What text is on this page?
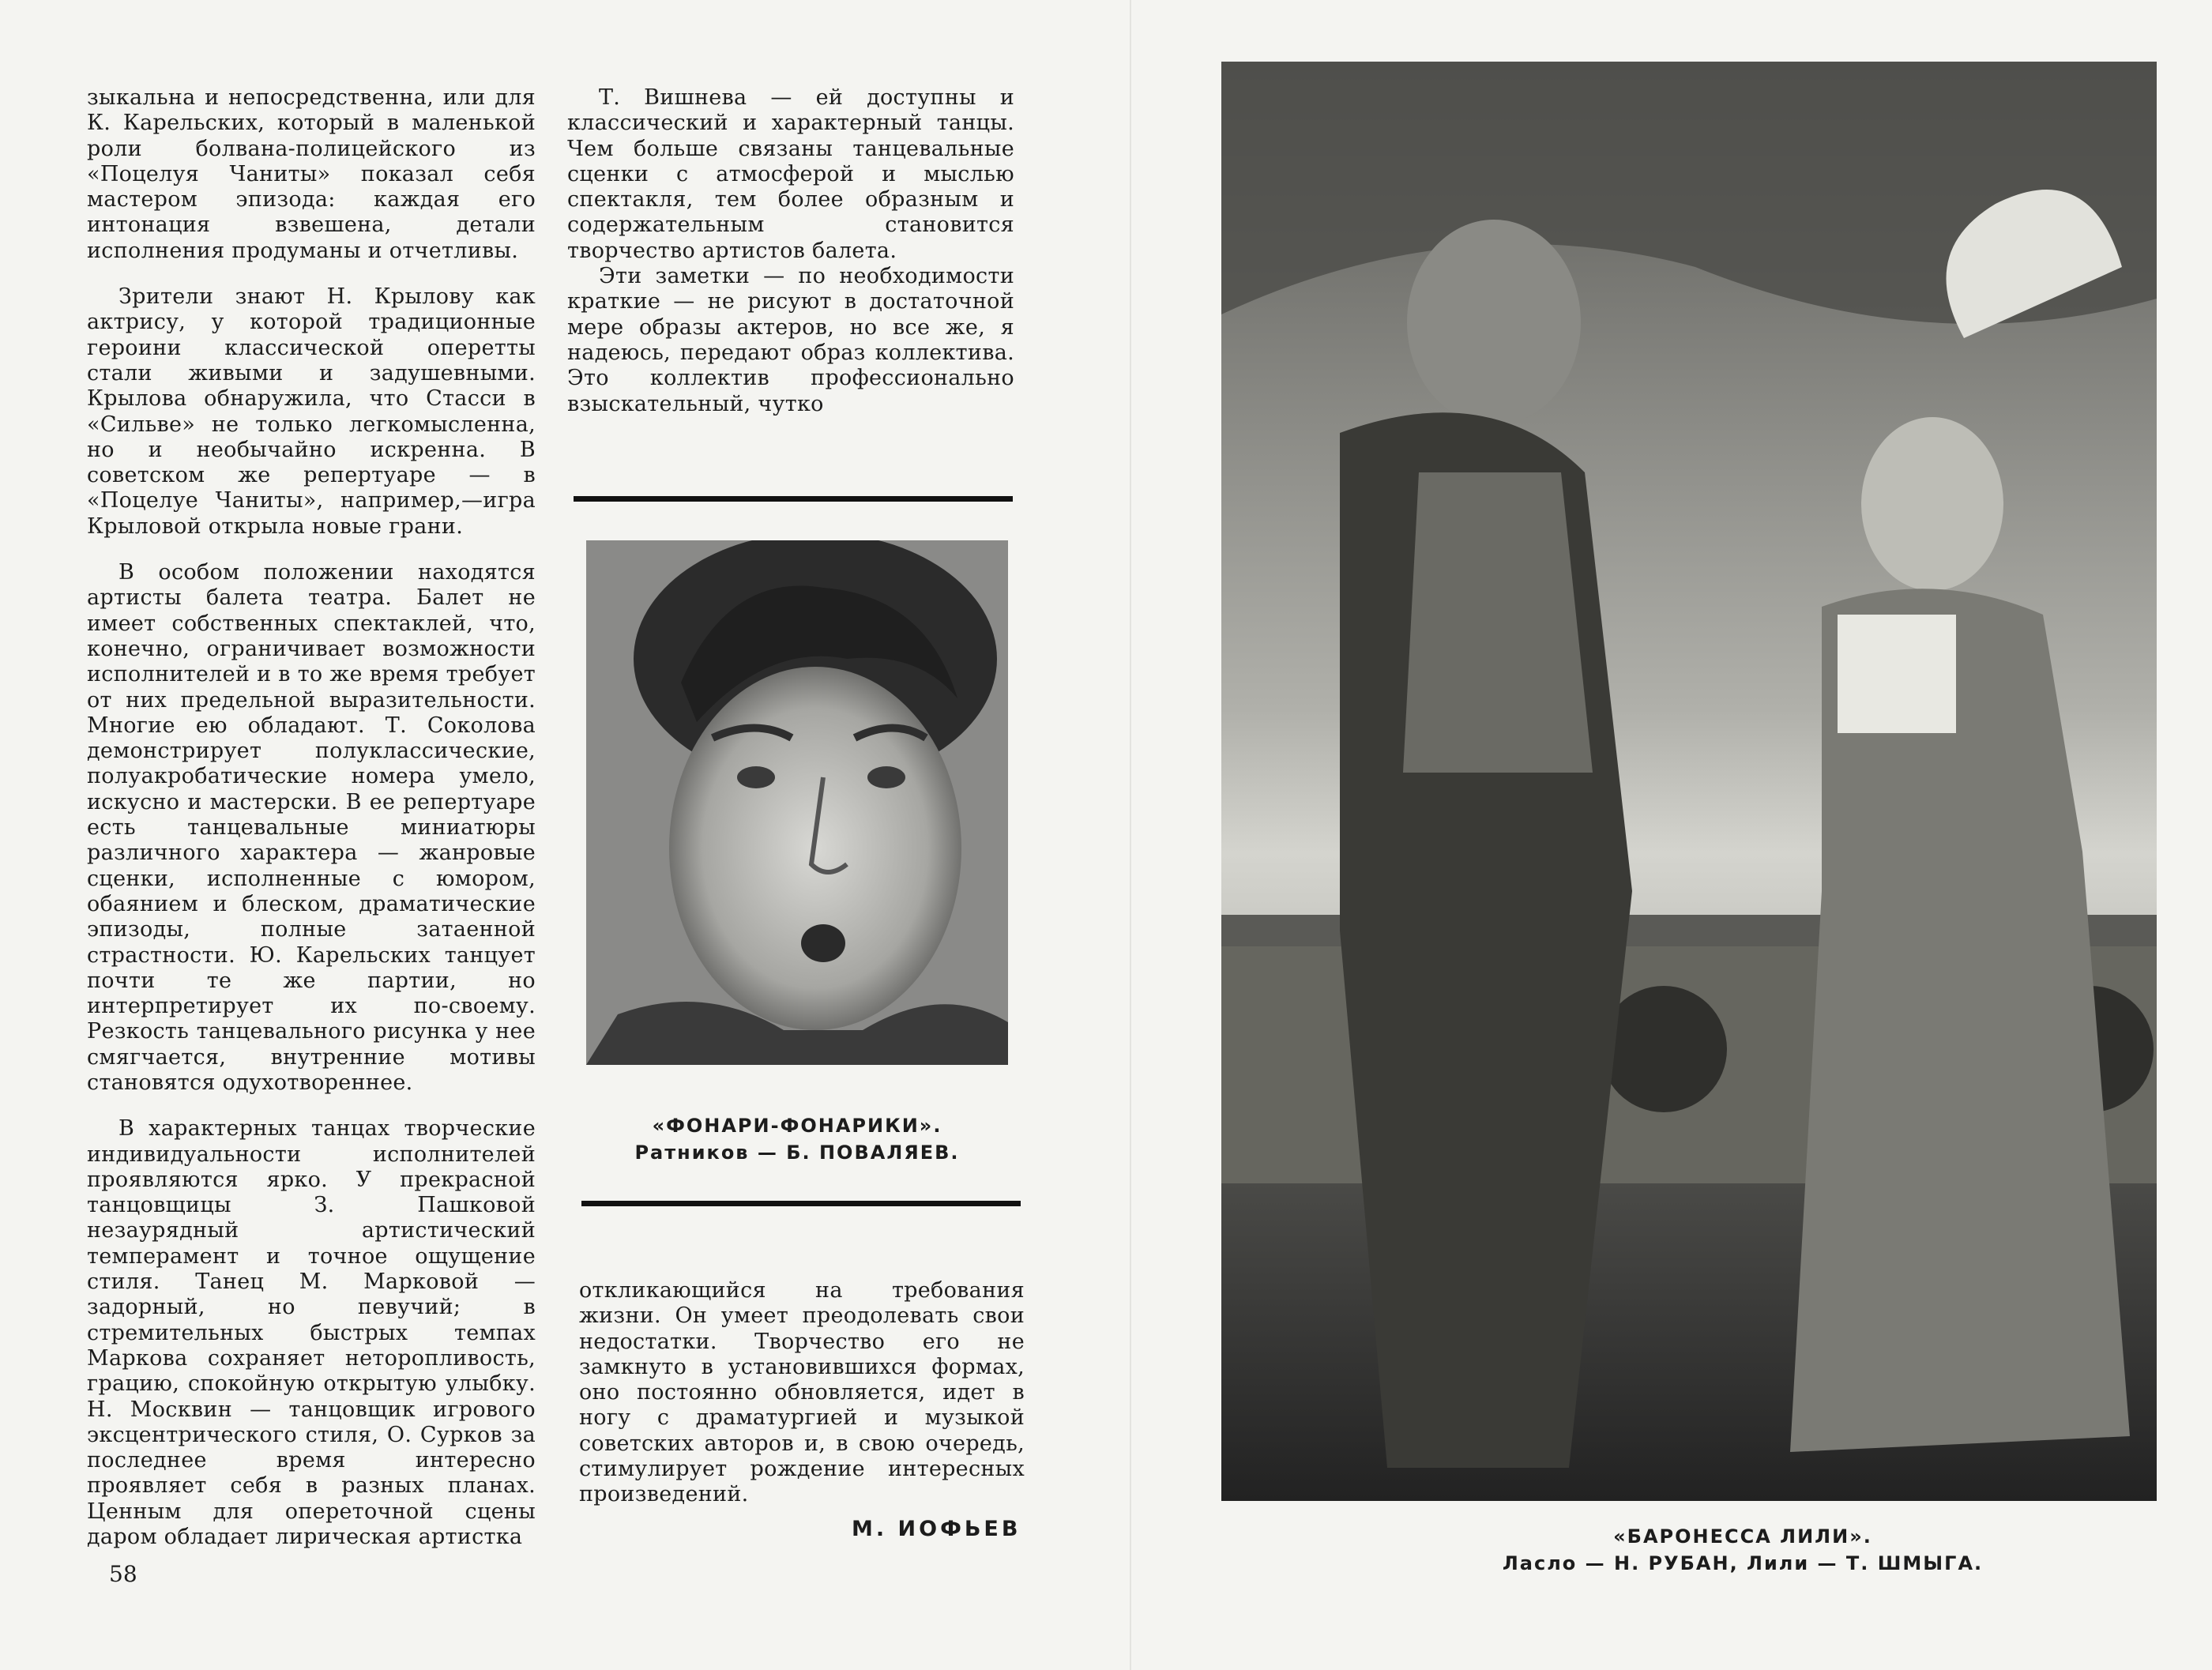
зыкальна и непосредственна, или для К. Карельских, который в маленькой роли болвана-полицейского из «Поцелуя Чаниты» показал себя мастером эпизода: каждая его интонация взвешена, детали исполнения продуманы и отчетливы.

Зрители знают Н. Крылову как актрису, у которой традиционные героини классической оперетты стали живыми и задушевными. Крылова обнаружила, что Стасси в «Сильве» не только легкомысленна, но и необычайно искренна. В советском же репертуаре — в «Поцелуе Чаниты», например,—игра Крыловой открыла новые грани.

В особом положении находятся артисты балета театра. Балет не имеет собственных спектаклей, что, конечно, ограничивает возможности исполнителей и в то же время требует от них предельной выразительности. Многие ею обладают. Т. Соколова демонстрирует полуклассические, полуакробатические номера умело, искусно и мастерски. В ее репертуаре есть танцевальные миниатюры различного характера — жанровые сценки, исполненные с юмором, обаянием и блеском, драматические эпизоды, полные затаенной страстности. Ю. Карельских танцует почти те же партии, но интерпретирует их по-своему. Резкость танцевального рисунка у нее смягчается, внутренние мотивы становятся одухотвореннее.

В характерных танцах творческие индивидуальности исполнителей проявляются ярко. У прекрасной танцовщицы З. Пашковой незаурядный артистический темперамент и точное ощущение стиля. Танец М. Марковой — задорный, но певучий; в стремительных быстрых темпах Маркова сохраняет неторопливость, грацию, спокойную открытую улыбку. Н. Москвин — танцовщик игрового эксцентрического стиля, О. Сурков за последнее время интересно проявляет себя в разных планах. Ценным для опереточной сцены даром обладает лирическая артистка

Т. Вишнева — ей доступны и классический и характерный танцы. Чем больше связаны танцевальные сценки с атмосферой и мыслью спектакля, тем более образным и содержательным становится творчество артистов балета.

Эти заметки — по необходимости краткие — не рисуют в достаточной мере образы актеров, но все же, я надеюсь, передают образ коллектива. Это коллектив профессионально взыскательный, чутко

«ФОНАРИ-ФОНАРИКИ».
Ратников — Б. ПОВАЛЯЕВ.

откликающийся на требования жизни. Он умеет преодолевать свои недостатки. Творчество его не замкнуто в установившихся формах, оно постоянно обновляется, идет в ногу с драматургией и музыкой советских авторов и, в свою очередь, стимулирует рождение интересных произведений.

М. ИОФЬЕВ
58
«БАРОНЕССА ЛИЛИ».
Ласло — Н. РУБАН, Лили — Т. ШМЫГА.
